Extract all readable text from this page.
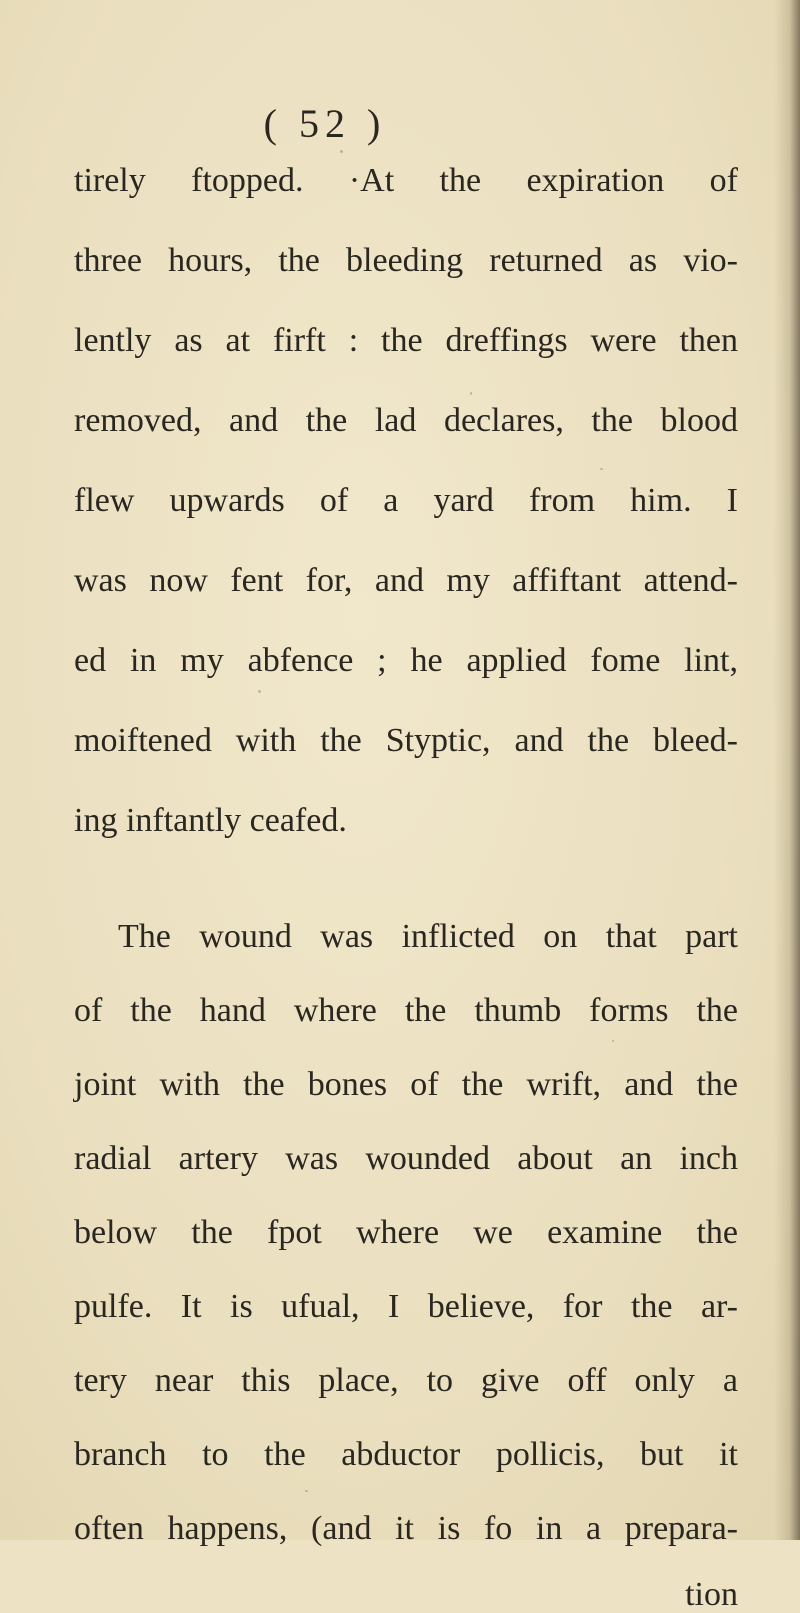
( 52 )
tirely ftopped. ·At the expiration of
three hours, the bleeding returned as vio-
lently as at firft : the dreffings were then
removed, and the lad declares, the blood
flew upwards of a yard from him. I
was now fent for, and my affiftant attend-
ed in my abfence ; he applied fome lint,
moiftened with the Styptic, and the bleed-
ing inftantly ceafed.
The wound was inflicted on that part
of the hand where the thumb forms the
joint with the bones of the wrift, and the
radial artery was wounded about an inch
below the fpot where we examine the
pulfe. It is ufual, I believe, for the ar-
tery near this place, to give off only a
branch to the abductor pollicis, but it
often happens, (and it is fo in a prepara-
tion
